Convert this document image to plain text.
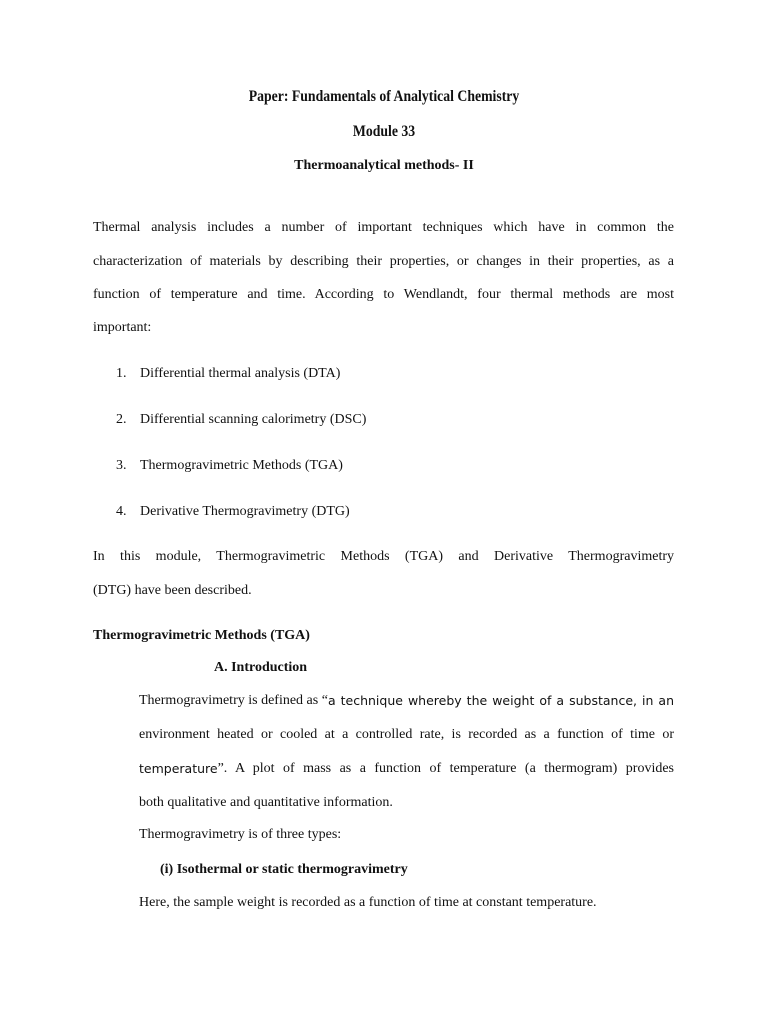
Paper: Fundamentals of Analytical Chemistry
Module 33
Thermoanalytical methods- II
Thermal analysis includes a number of important techniques which have in common the
characterization of materials by describing their properties, or changes in their properties, as a
function of temperature and time. According to Wendlandt, four thermal methods are most
important:
1. Differential thermal analysis (DTA)
2. Differential scanning calorimetry (DSC)
3. Thermogravimetric Methods (TGA)
4. Derivative Thermogravimetry (DTG)
In this module, Thermogravimetric Methods (TGA) and Derivative Thermogravimetry
(DTG) have been described.
Thermogravimetric Methods (TGA)
A. Introduction
Thermogravimetry is defined as “ a technique whereby the weight of a substance, in an
environment heated or cooled at a controlled rate, is recorded as a function of time or
temperature ”. A plot of mass as a function of temperature (a thermogram) provides
both qualitative and quantitative information.
Thermogravimetry is of three types:
(i) Isothermal or static thermogravimetry
Here, the sample weight is recorded as a function of time at constant temperature.
